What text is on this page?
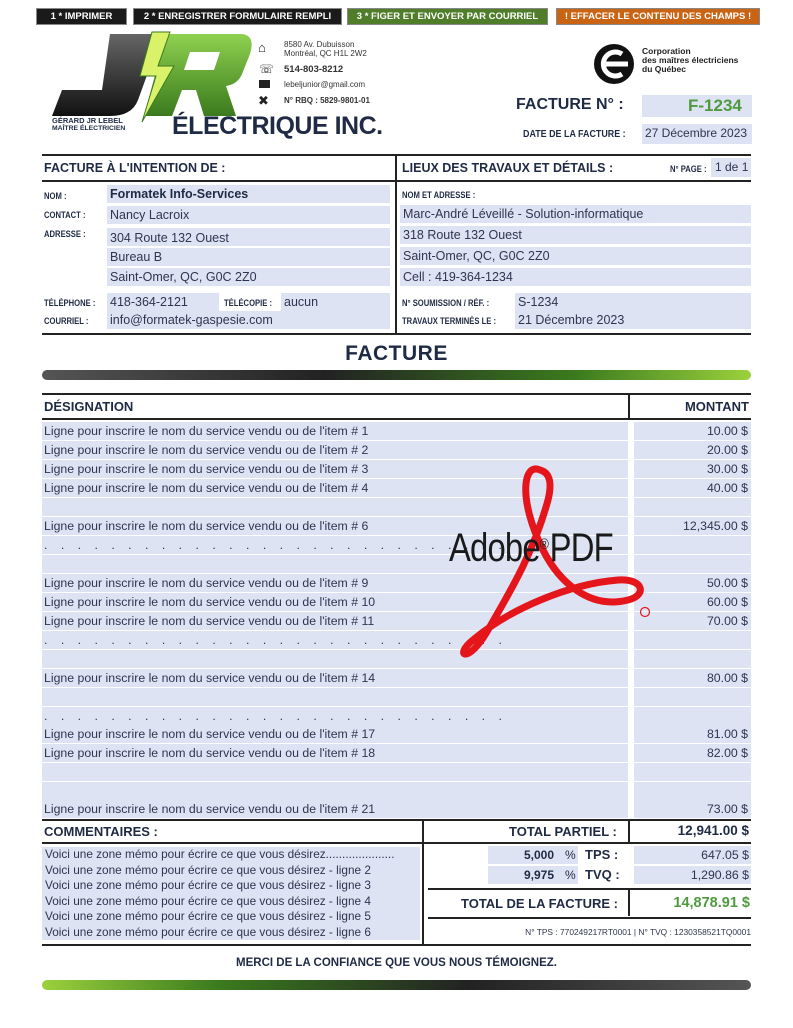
1 * IMPRIMER	2 * ENREGISTRER FORMULAIRE REMPLI	3 * FIGER ET ENVOYER PAR COURRIEL	! EFFACER LE CONTENU DES CHAMPS !
GÉRARD JR LEBEL
MAÎTRE ÉLECTRICIEN ÉLECTRIQUE INC.
⌂ 8580 Av. Dubuisson
Montréal, QC H1L 2W2
☏ 514-803-8212
lebeljunior@gmail.com
✖ N° RBQ : 5829-9801-01
Corporation
des maîtres électriciens
du Québec
FACTURE N° :	F-1234
DATE DE LA FACTURE : 27 Décembre 2023
FACTURE À L'INTENTION DE :	LIEUX DES TRAVAUX ET DÉTAILS :	N° PAGE : 1 de 1
NOM :	Formatek Info-Services
CONTACT : Nancy Lacroix
ADRESSE : 304 Route 132 Ouest
Bureau B
Saint-Omer, QC, G0C 2Z0
TÉLÉPHONE : 418-364-2121	TÉLÉCOPIE : aucun
COURRIEL : info@formatek-gaspesie.com
NOM ET ADRESSE :
Marc-André Léveillé - Solution-informatique
318 Route 132 Ouest
Saint-Omer, QC, G0C 2Z0
Cell : 419-364-1234
N° SOUMISSION / RÉF. : S-1234
TRAVAUX TERMINÉS LE : 21 Décembre 2023
FACTURE
DÉSIGNATION	MONTANT
Ligne pour inscrire le nom du service vendu ou de l'item # 1	10.00 $
Ligne pour inscrire le nom du service vendu ou de l'item # 2	20.00 $
Ligne pour inscrire le nom du service vendu ou de l'item # 3	30.00 $
Ligne pour inscrire le nom du service vendu ou de l'item # 4	40.00 $
Ligne pour inscrire le nom du service vendu ou de l'item # 6	12,345.00 $
. . . . . . . . . . . . . . . . . . . . . . . . . . . .
Ligne pour inscrire le nom du service vendu ou de l'item # 9	50.00 $
Ligne pour inscrire le nom du service vendu ou de l'item # 10	60.00 $
Ligne pour inscrire le nom du service vendu ou de l'item # 11	70.00 $
. . . . . . . . . . . . . . . . . . . . . . . . . . . .
Ligne pour inscrire le nom du service vendu ou de l'item # 14	80.00 $
. . . . . . . . . . . . . . . . . . . . . . . . . . . .
Ligne pour inscrire le nom du service vendu ou de l'item # 17	81.00 $
Ligne pour inscrire le nom du service vendu ou de l'item # 18	82.00 $
Ligne pour inscrire le nom du service vendu ou de l'item # 21	73.00 $
Adobe®PDF
COMMENTAIRES :	TOTAL PARTIEL :	12,941.00 $
Voici une zone mémo pour écrire ce que vous désirez.....................
Voici une zone mémo pour écrire ce que vous désirez - ligne 2
Voici une zone mémo pour écrire ce que vous désirez - ligne 3
Voici une zone mémo pour écrire ce que vous désirez - ligne 4
Voici une zone mémo pour écrire ce que vous désirez - ligne 5
Voici une zone mémo pour écrire ce que vous désirez - ligne 6
5,000 % TPS :	647.05 $
9,975 % TVQ :	1,290.86 $
TOTAL DE LA FACTURE :	14,878.91 $
N° TPS : 770249217RT0001 | N° TVQ : 1230358521TQ0001
MERCI DE LA CONFIANCE QUE VOUS NOUS TÉMOIGNEZ.
